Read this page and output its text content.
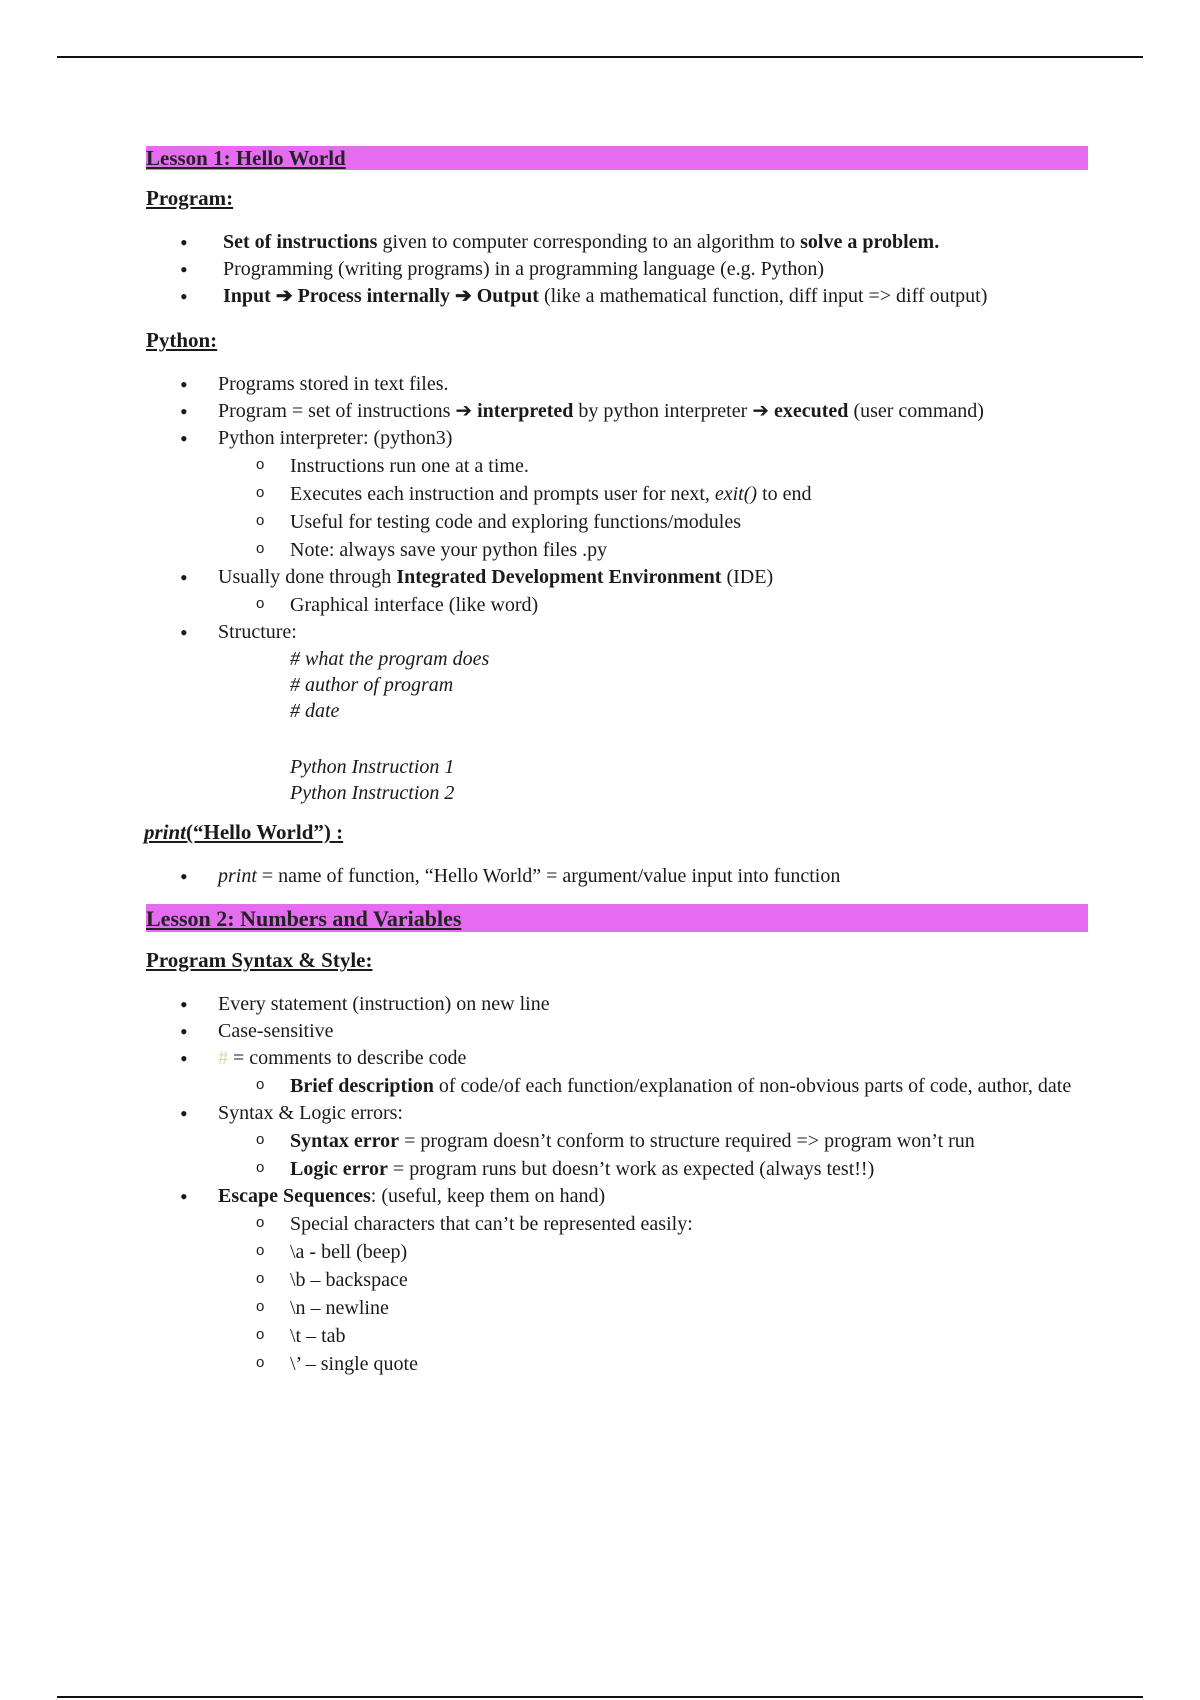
Lesson 1: Hello World
Program:
• Set of instructions given to computer corresponding to an algorithm to solve a problem.
• Programming (writing programs) in a programming language (e.g. Python)
• Input ➔ Process internally ➔ Output (like a mathematical function, diff input => diff output)
Python:
• Programs stored in text files.
• Program = set of instructions ➔ interpreted by python interpreter ➔ executed (user command)
• Python interpreter: (python3)
o Instructions run one at a time.
o Executes each instruction and prompts user for next, exit() to end
o Useful for testing code and exploring functions/modules
o Note: always save your python files .py
• Usually done through Integrated Development Environment (IDE)
o Graphical interface (like word)
• Structure:
# what the program does
# author of program
# date
Python Instruction 1
Python Instruction 2
print(“Hello World”) :
• print = name of function, “Hello World” = argument/value input into function
Lesson 2: Numbers and Variables
Program Syntax & Style:
• Every statement (instruction) on new line
• Case-sensitive
• # = comments to describe code
o Brief description of code/of each function/explanation of non-obvious parts of code, author, date
• Syntax & Logic errors:
o Syntax error = program doesn’t conform to structure required => program won’t run
o Logic error = program runs but doesn’t work as expected (always test!!)
• Escape Sequences: (useful, keep them on hand)
o Special characters that can’t be represented easily:
o \a - bell (beep)
o \b – backspace
o \n – newline
o \t – tab
o \’ – single quote
